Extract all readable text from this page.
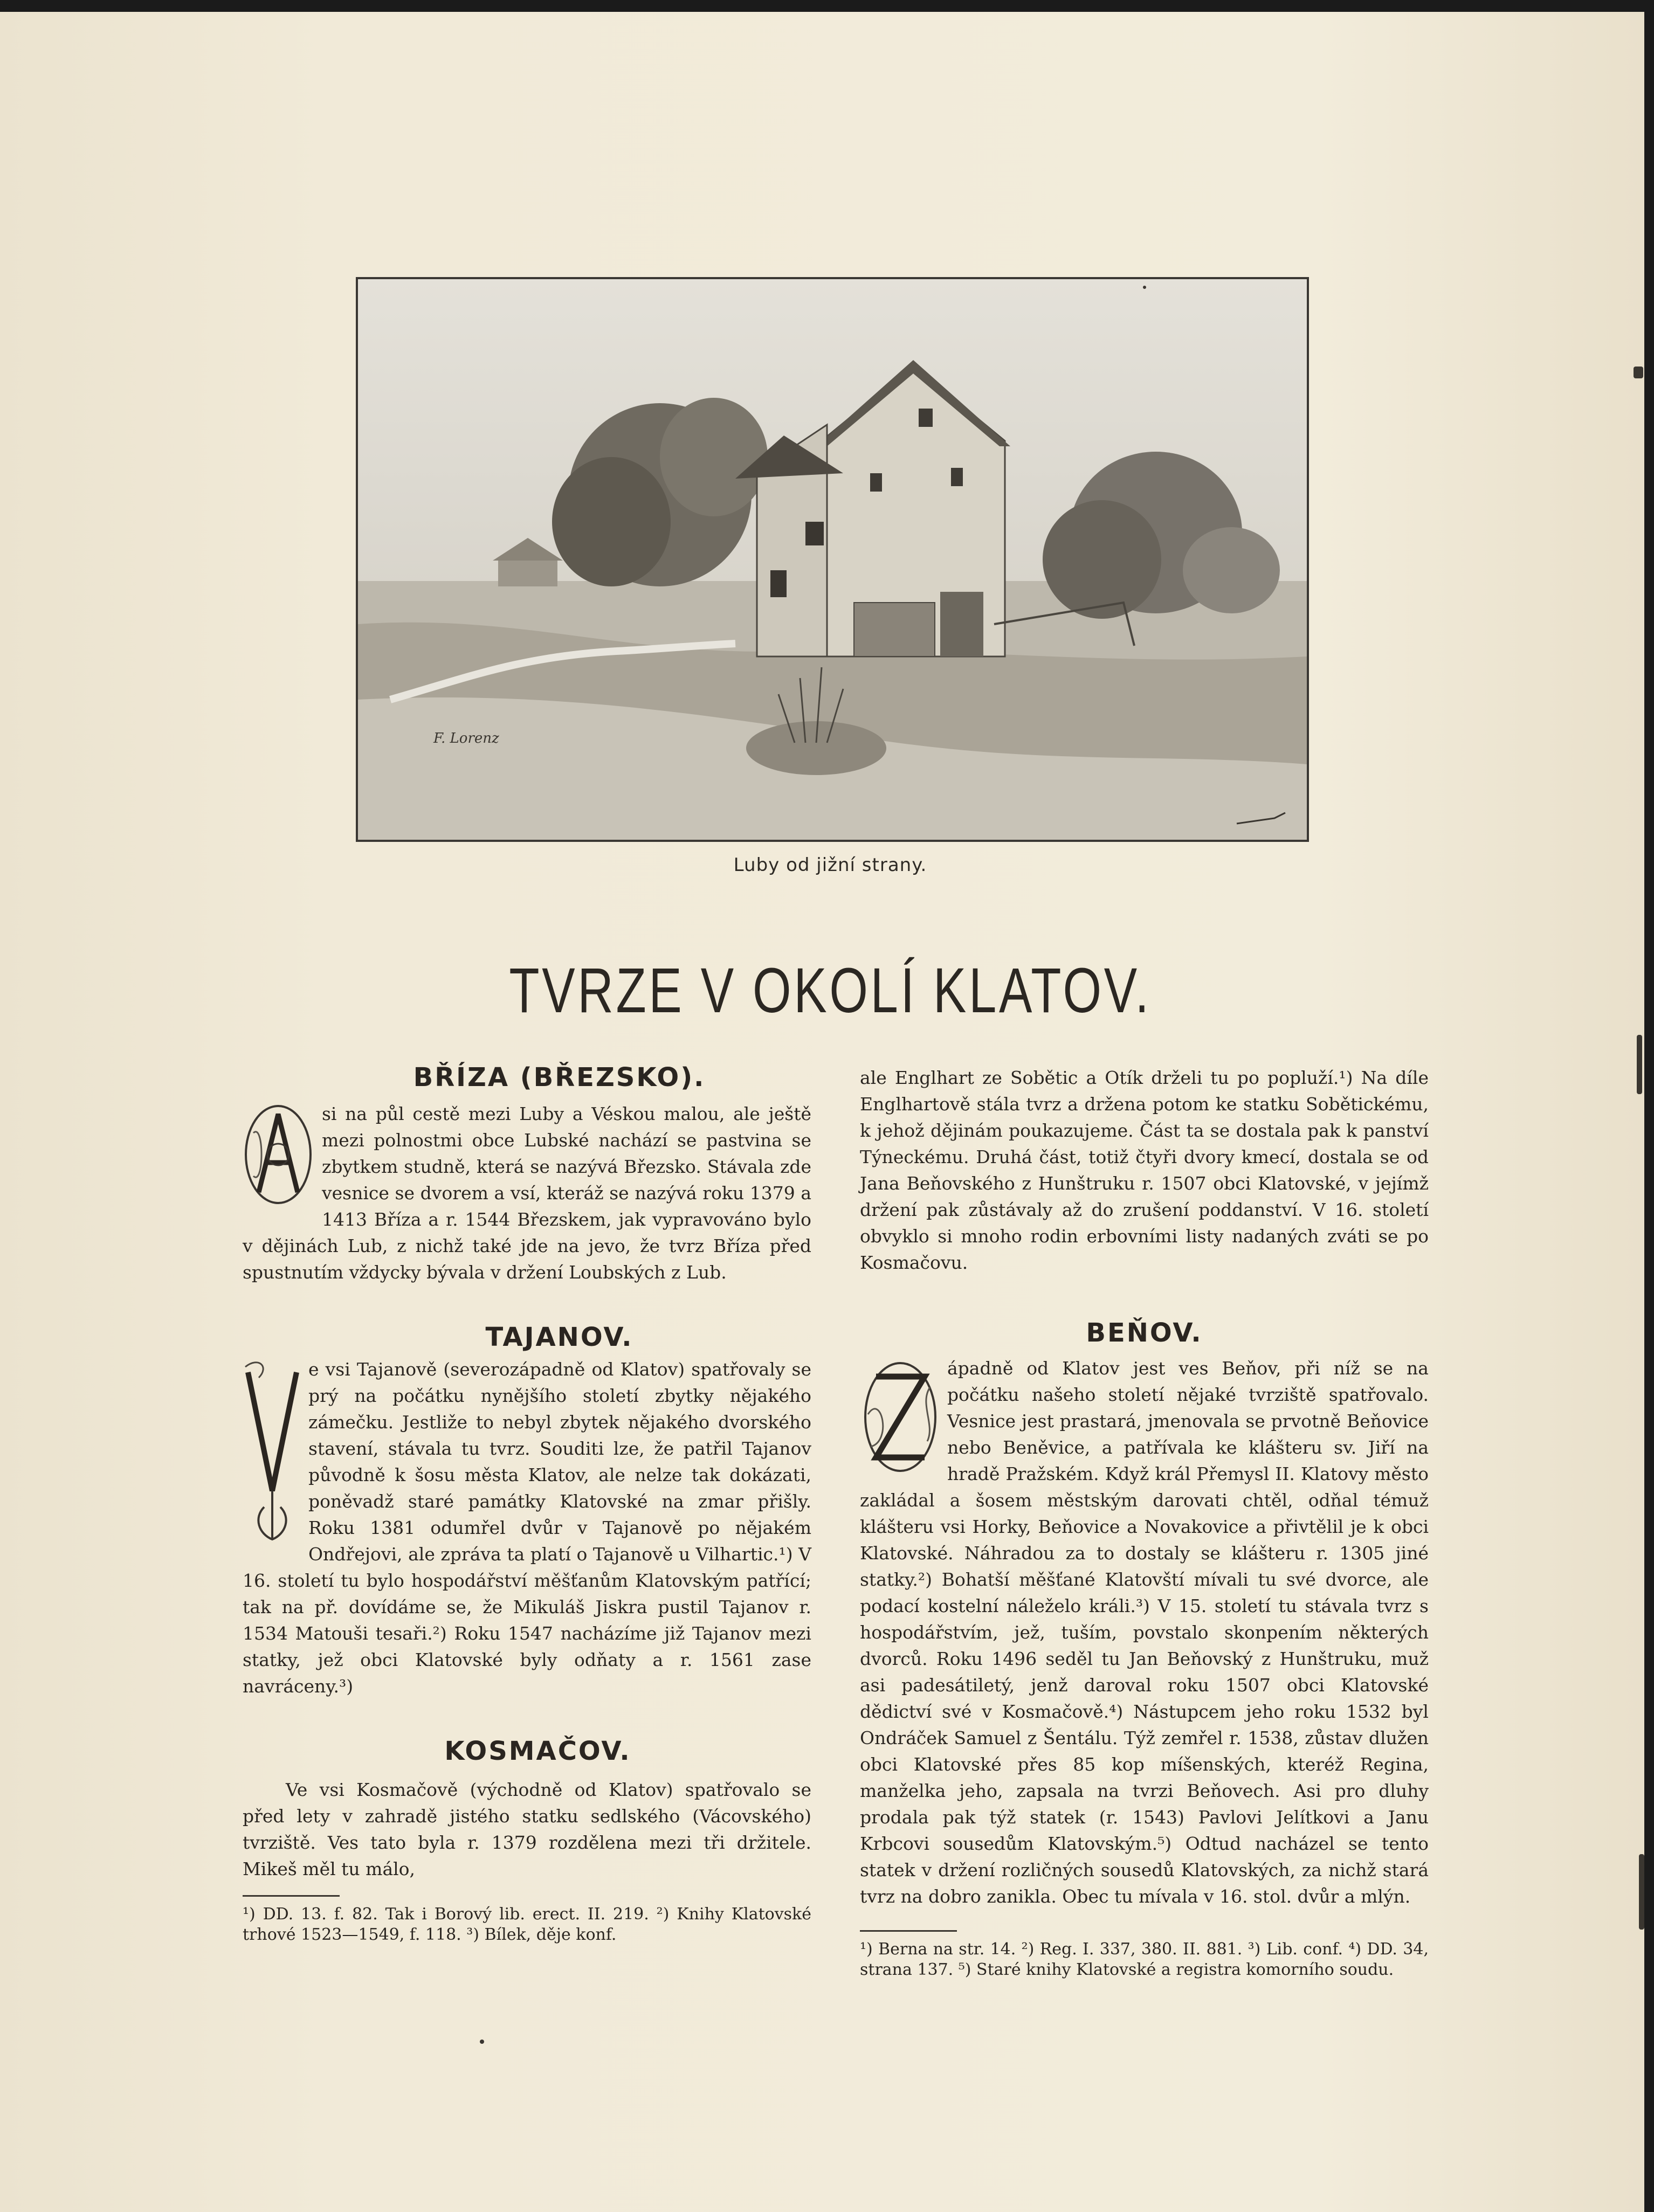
F. Lorenz
Luby od jižní strany.
TVRZE V OKOLÍ KLATOV.
BŘÍZA (BŘEZSKO).

si na půl cestě mezi Luby a Véskou malou, ale ještě mezi polnostmi obce Lubské nachází se pastvina se zbytkem studně, která se nazývá Březsko. Stávala zde vesnice se dvorem a vsí, kteráž se nazývá roku 1379 a 1413 Bříza a r. 1544 Březskem, jak vypravováno bylo v dějinách Lub, z nichž také jde na jevo, že tvrz Bříza před spustnutím vždycky bývala v držení Loubských z Lub.

TAJANOV.

e vsi Tajanově (severozápadně od Klatov) spatřovaly se prý na počátku nynějšího století zbytky nějakého zámečku. Jestliže to nebyl zbytek nějakého dvorského stavení, stávala tu tvrz. Souditi lze, že patřil Tajanov původně k šosu města Klatov, ale nelze tak dokázati, poněvadž staré památky Klatovské na zmar přišly. Roku 1381 odumřel dvůr v Tajanově po nějakém Ondřejovi, ale zpráva ta platí o Tajanově u Vilhartic.¹) V 16. století tu bylo hospodářství měšťanům Klatovským patřící; tak na př. dovídáme se, že Mikuláš Jiskra pustil Tajanov r. 1534 Matouši tesaři.²) Roku 1547 nacházíme již Tajanov mezi statky, jež obci Klatovské byly odňaty a r. 1561 zase navráceny.³)

KOSMAČOV.

Ve vsi Kosmačově (východně od Klatov) spatřovalo se před lety v zahradě jistého statku sedlského (Vácovského) tvrziště. Ves tato byla r. 1379 rozdělena mezi tři držitele. Mikeš měl tu málo,

¹) DD. 13. f. 82. Tak i Borový lib. erect. II. 219. ²) Knihy Klatovské trhové 1523—1549, f. 118. ³) Bílek, děje konf.

ale Englhart ze Sobětic a Otík drželi tu po popluží.¹) Na díle Englhartově stála tvrz a držena potom ke statku Sobětickému, k jehož dějinám poukazujeme. Část ta se dostala pak k panství Týneckému. Druhá část, totiž čtyři dvory kmecí, dostala se od Jana Beňovského z Hunštruku r. 1507 obci Klatovské, v jejímž držení pak zůstávaly až do zrušení poddanství. V 16. století obvyklo si mnoho rodin erbovními listy nadaných zváti se po Kosmačovu.

BEŇOV.

ápadně od Klatov jest ves Beňov, při níž se na počátku našeho století nějaké tvrziště spatřovalo. Vesnice jest prastará, jmenovala se prvotně Beňovice nebo Beněvice, a patřívala ke klášteru sv. Jiří na hradě Pražském. Když král Přemysl II. Klatovy město zakládal a šosem městským darovati chtěl, odňal témuž klášteru vsi Horky, Beňovice a Novakovice a přivtělil je k obci Klatovské. Náhradou za to dostaly se klášteru r. 1305 jiné statky.²) Bohatší měšťané Klatovští mívali tu své dvorce, ale podací kostelní náleželo králi.³) V 15. století tu stávala tvrz s hospodářstvím, jež, tuším, povstalo skonpením některých dvorců. Roku 1496 seděl tu Jan Beňovský z Hunštruku, muž asi padesátiletý, jenž daroval roku 1507 obci Klatovské dědictví své v Kosmačově.⁴) Nástupcem jeho roku 1532 byl Ondráček Samuel z Šentálu. Týž zemřel r. 1538, zůstav dlužen obci Klatovské přes 85 kop míšenských, kteréž Regina, manželka jeho, zapsala na tvrzi Beňovech. Asi pro dluhy prodala pak týž statek (r. 1543) Pavlovi Jelítkovi a Janu Krbcovi sousedům Klatovským.⁵) Odtud nacházel se tento statek v držení rozličných sousedů Klatovských, za nichž stará tvrz na dobro zanikla. Obec tu mívala v 16. stol. dvůr a mlýn.

¹) Berna na str. 14. ²) Reg. I. 337, 380. II. 881. ³) Lib. conf. ⁴) DD. 34, strana 137. ⁵) Staré knihy Klatovské a registra komorního soudu.
